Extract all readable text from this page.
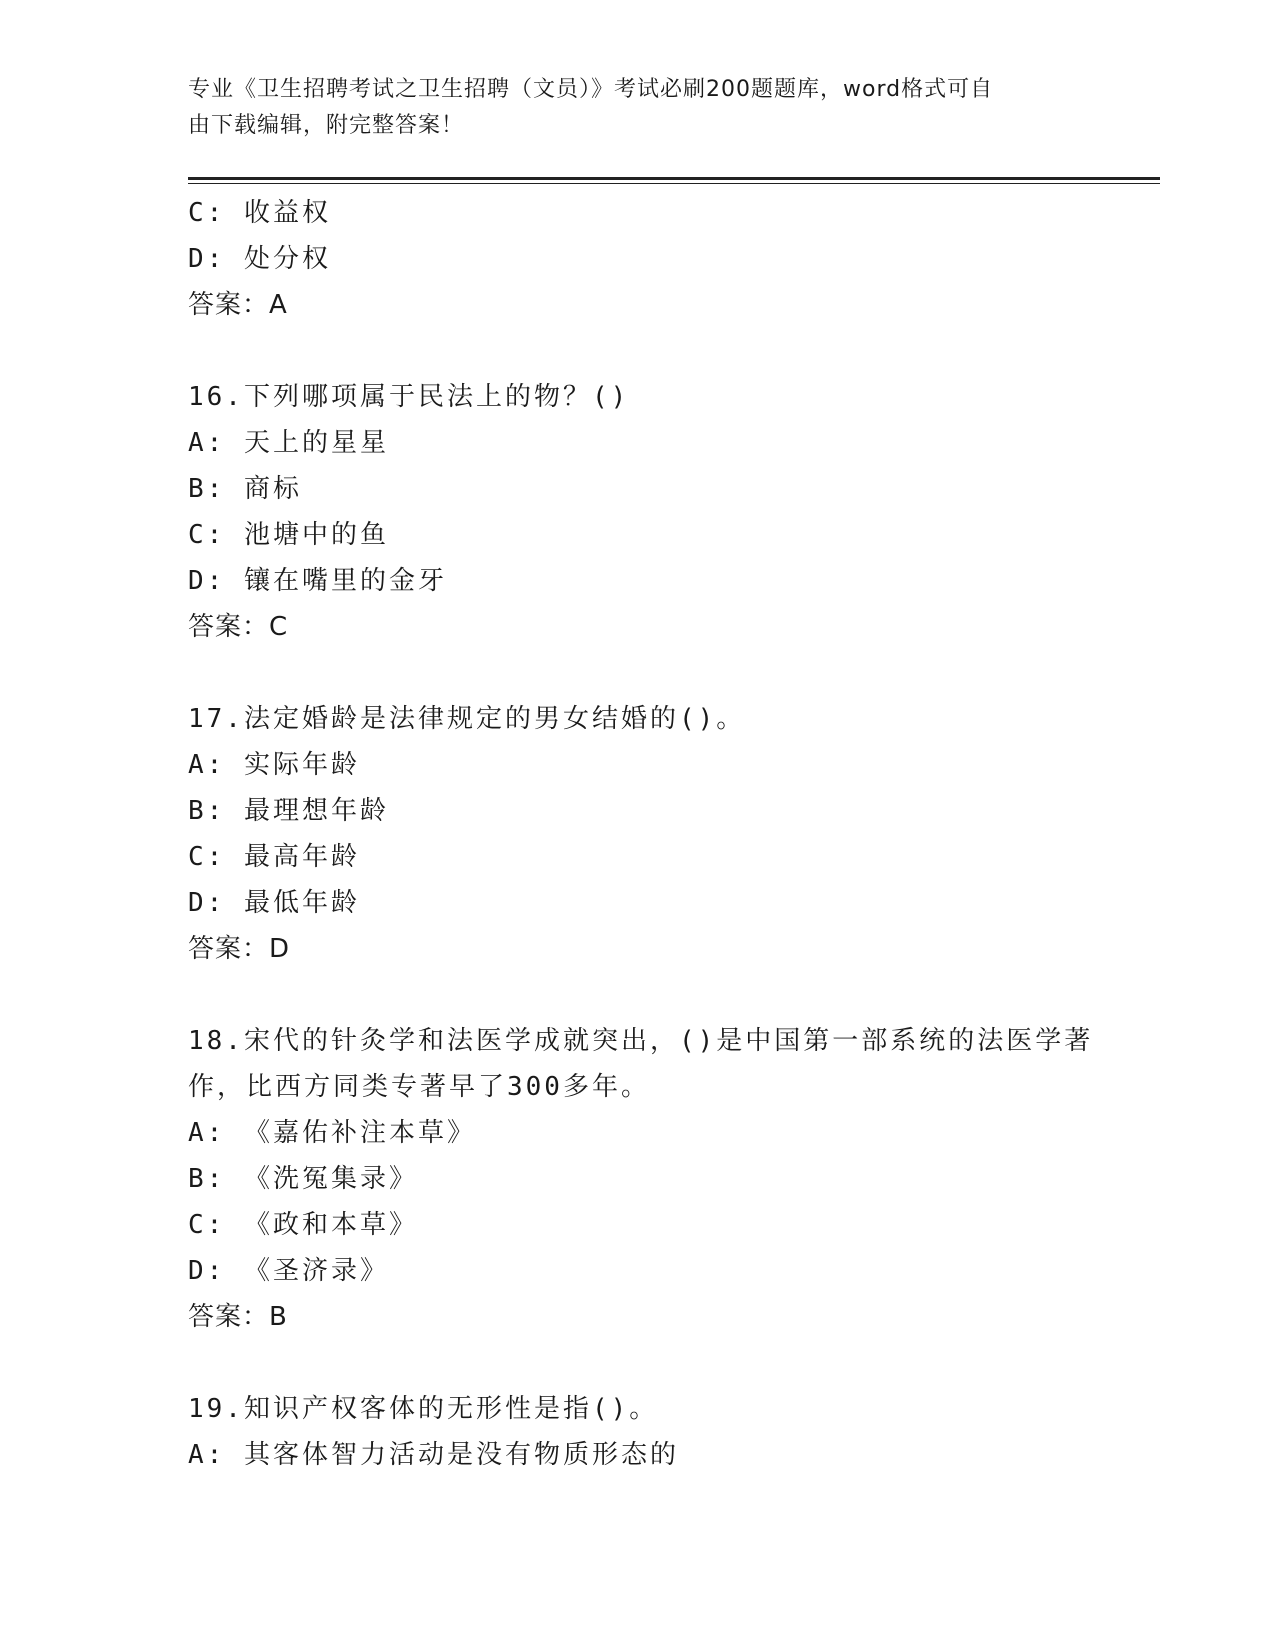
专业《卫生招聘考试之卫生招聘（文员）》考试必刷200题题库，word格式可自
由下载编辑，附完整答案！
C: 收益权
D: 处分权
答案：A
16.下列哪项属于民法上的物？()
A: 天上的星星
B: 商标
C: 池塘中的鱼
D: 镶在嘴里的金牙
答案：C
17.法定婚龄是法律规定的男女结婚的()。
A: 实际年龄
B: 最理想年龄
C: 最高年龄
D: 最低年龄
答案：D
18.宋代的针灸学和法医学成就突出，()是中国第一部系统的法医学著
作，比西方同类专著早了300多年。
A: 《嘉佑补注本草》
B: 《洗冤集录》
C: 《政和本草》
D: 《圣济录》
答案：B
19.知识产权客体的无形性是指()。
A: 其客体智力活动是没有物质形态的
